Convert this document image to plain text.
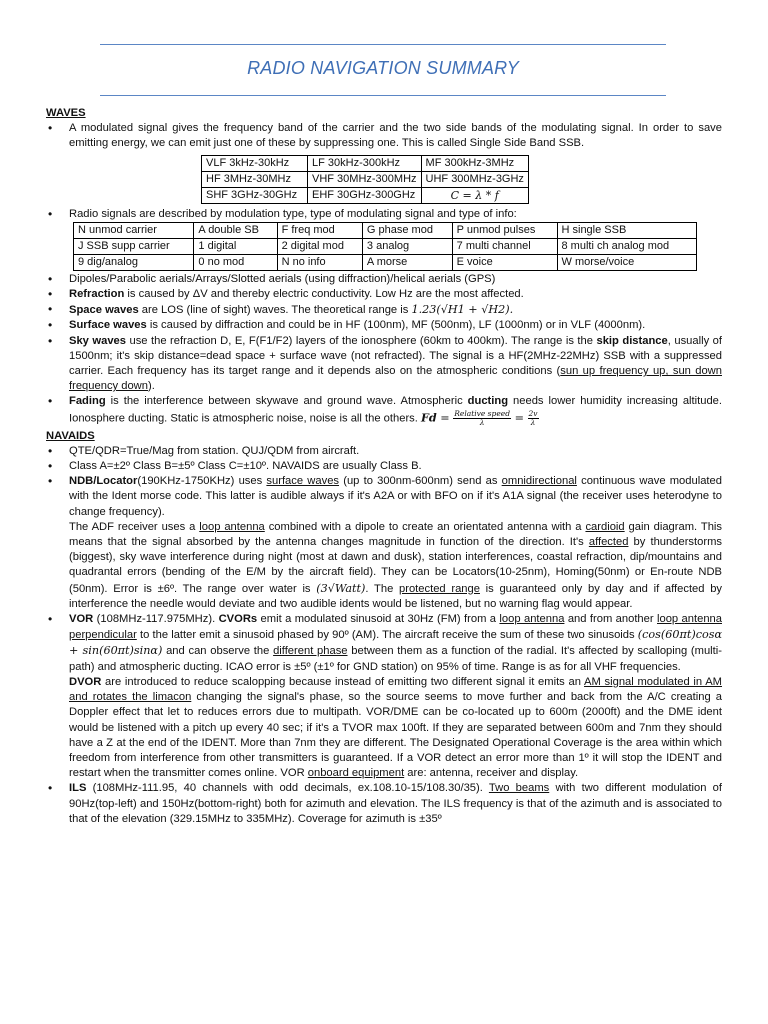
RADIO NAVIGATION SUMMARY

WAVES

• A modulated signal gives the frequency band of the carrier and the two side bands of the modulating signal. In order to save emitting energy, we can emit just one of these by suppressing one. This is called Single Side Band SSB.
VLF 3kHz-30kHz	LF 30kHz-300kHz	MF 300kHz-3MHz
HF 3MHz-30MHz	VHF 30MHz-300MHz	UHF 300MHz-3GHz
SHF 3GHz-30GHz	EHF 30GHz-300GHz	C = λ * f
• Radio signals are described by modulation type, type of modulating signal and type of info:
N unmod carrier	A double SB	F freq mod	G phase mod	P unmod pulses	H single SSB
J SSB supp carrier	1 digital	2 digital mod	3 analog	7 multi channel	8 multi ch analog mod
9 dig/analog	0 no mod	N no info	A morse	E voice	W morse/voice
• Dipoles/Parabolic aerials/Arrays/Slotted aerials (using diffraction)/helical aerials (GPS)
• Refraction is caused by ΔV and thereby electric conductivity. Low Hz are the most affected.
• Space waves are LOS (line of sight) waves. The theoretical range is 1.23(√H1 + √H2).
• Surface waves is caused by diffraction and could be in HF (100nm), MF (500nm), LF (1000nm) or in VLF (4000nm).
• Sky waves use the refraction D, E, F(F1/F2) layers of the ionosphere (60km to 400km). The range is the skip distance, usually of 1500nm; it's skip distance=dead space + surface wave (not refracted). The signal is a HF(2MHz-22MHz) SSB with a suppressed carrier. Each frequency has its target range and it depends also on the atmospheric conditions (sun up frequency up, sun down frequency down).
• Fading is the interference between skywave and ground wave. Atmospheric ducting needs lower humidity increasing altitude. Ionosphere ducting. Static is atmospheric noise, noise is all the others. $Fd = \frac{\text{Relative speed}}{\lambda} = \frac{2v}{\lambda}$

NAVAIDS

• QTE/QDR=True/Mag from station. QUJ/QDM from aircraft.
• Class A=±2º Class B=±5º Class C=±10º. NAVAIDS are usually Class B.
• NDB/Locator(190KHz-1750KHz) uses surface waves (up to 300nm-600nm) send as omnidirectional continuous wave modulated with the Ident morse code. This latter is audible always if it's A2A or with BFO on if it's A1A signal (the receiver uses heterodyne to change frequency).

The ADF receiver uses a loop antenna combined with a dipole to create an orientated antenna with a cardioid gain diagram. This means that the signal absorbed by the antenna changes magnitude in function of the direction. It's affected by thunderstorms (biggest), sky wave interference during night (most at dawn and dusk), station interferences, coastal refraction, dip/mountains and quadrantal errors (bending of the E/M by the aircraft field). They can be Locators(10-25nm), Homing(50nm) or En-route NDB (50nm). Error is ±6º. The range over water is (3√Watt). The protected range is guaranteed only by day and if affected by interference the needle would deviate and two audible idents would be listened, but no warning flag would appear.

• VOR (108MHz-117.975MHz). CVORs emit a modulated sinusoid at 30Hz (FM) from a loop antenna and from another loop antenna perpendicular to the latter emit a sinusoid phased by 90º (AM). The aircraft receive the sum of these two sinusoids (cos(60πt)cosα + sin(60πt)sinα) and can observe the different phase between them as a function of the radial. It's affected by scalloping (multi-path) and atmospheric ducting. ICAO error is ±5º (±1º for GND station) on 95% of time. Range is as for all VHF frequencies.

DVOR are introduced to reduce scalopping because instead of emitting two different signal it emits an AM signal modulated in AM and rotates the limacon changing the signal's phase, so the source seems to move further and back from the A/C creating a Doppler effect that let to reduces errors due to multipath. VOR/DME can be co-located up to 600m (2000ft) and the DME ident would be listened with a pitch up every 40 sec; if it's a TVOR max 100ft. If they are separated between 600m and 7nm they should have a Z at the end of the IDENT. More than 7nm they are different. The Designated Operational Coverage is the area within which freedom from interference from other transmitters is guaranteed. If a VOR detect an error more than 1º it will stop the IDENT and restart when the transmitter comes online. VOR onboard equipment are: antenna, receiver and display.

• ILS (108MHz-111.95, 40 channels with odd decimals, ex.108.10-15/108.30/35). Two beams with two different modulation of 90Hz(top-left) and 150Hz(bottom-right) both for azimuth and elevation. The ILS frequency is that of the azimuth and is associated to that of the elevation (329.15MHz to 335MHz). Coverage for azimuth is ±35º
